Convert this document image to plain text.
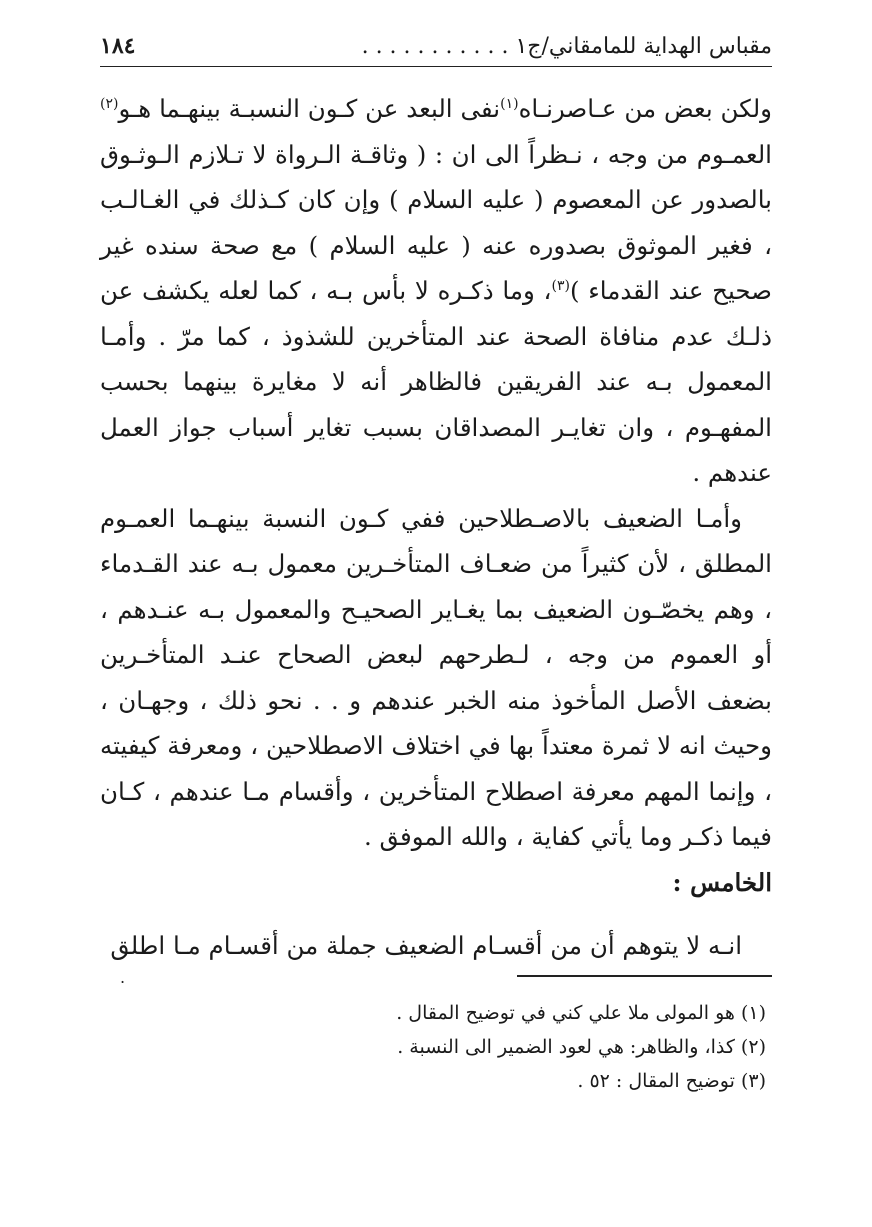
مقباس الهداية للمامقاني/ج١ . . . . . . . . . . .
١٨٤

ولكن بعض من عـاصرنـاه$^{(١)}$نفى البعد عن كـون النسبـة بينهـما هـو$^{(٢)}$ العمـوم من وجه ، نـظراً الى ان : ( وثاقـة الـرواة لا تـلازم الـوثـوق بالصدور عن المعصوم ( عليه السلام ) وإن كان كـذلك في الغـالـب ، فغير الموثوق بصدوره عنه ( عليه السلام ) مع صحة سنده غير صحيح عند القدماء )$^{(٣)}$، وما ذكـره لا بأس بـه ، كما لعله يكشف عن ذلـك عدم منافاة الصحة عند المتأخرين للشذوذ ، كما مرّ . وأمـا المعمول بـه عند الفريقين فالظاهر أنه لا مغايرة بينهما بحسب المفهـوم ، وان تغايـر المصداقان بسبب تغاير أسباب جواز العمل عندهم .

وأمـا الضعيف بالاصـطلاحين ففي كـون النسبة بينهـما العمـوم المطلق ، لأن كثيراً من ضعـاف المتأخـرين معمول بـه عند القـدماء ، وهم يخصّـون الضعيف بما يغـاير الصحيـح والمعمول بـه عنـدهم ، أو العموم من وجه ، لـطرحهم لبعض الصحاح عنـد المتأخـرين بضعف الأصل المأخوذ منه الخبر عندهم و . . نحو ذلك ، وجهـان ، وحيث انه لا ثمرة معتداً بها في اختلاف الاصطلاحين ، ومعرفة كيفيته ، وإنما المهم معرفة اصطلاح المتأخرين ، وأقسام مـا عندهم ، كـان فيما ذكـر وما يأتي كفاية ، والله الموفق .

الخامس :

انـه لا يتوهم أن من أقسـام الضعيف جملة من أقسـام مـا اطلق

.
(١) هو المولى ملا علي كني في توضيح المقال .
(٢) كذا، والظاهر: هي لعود الضمير الى النسبة .
(٣) توضيح المقال : ٥٢ .
